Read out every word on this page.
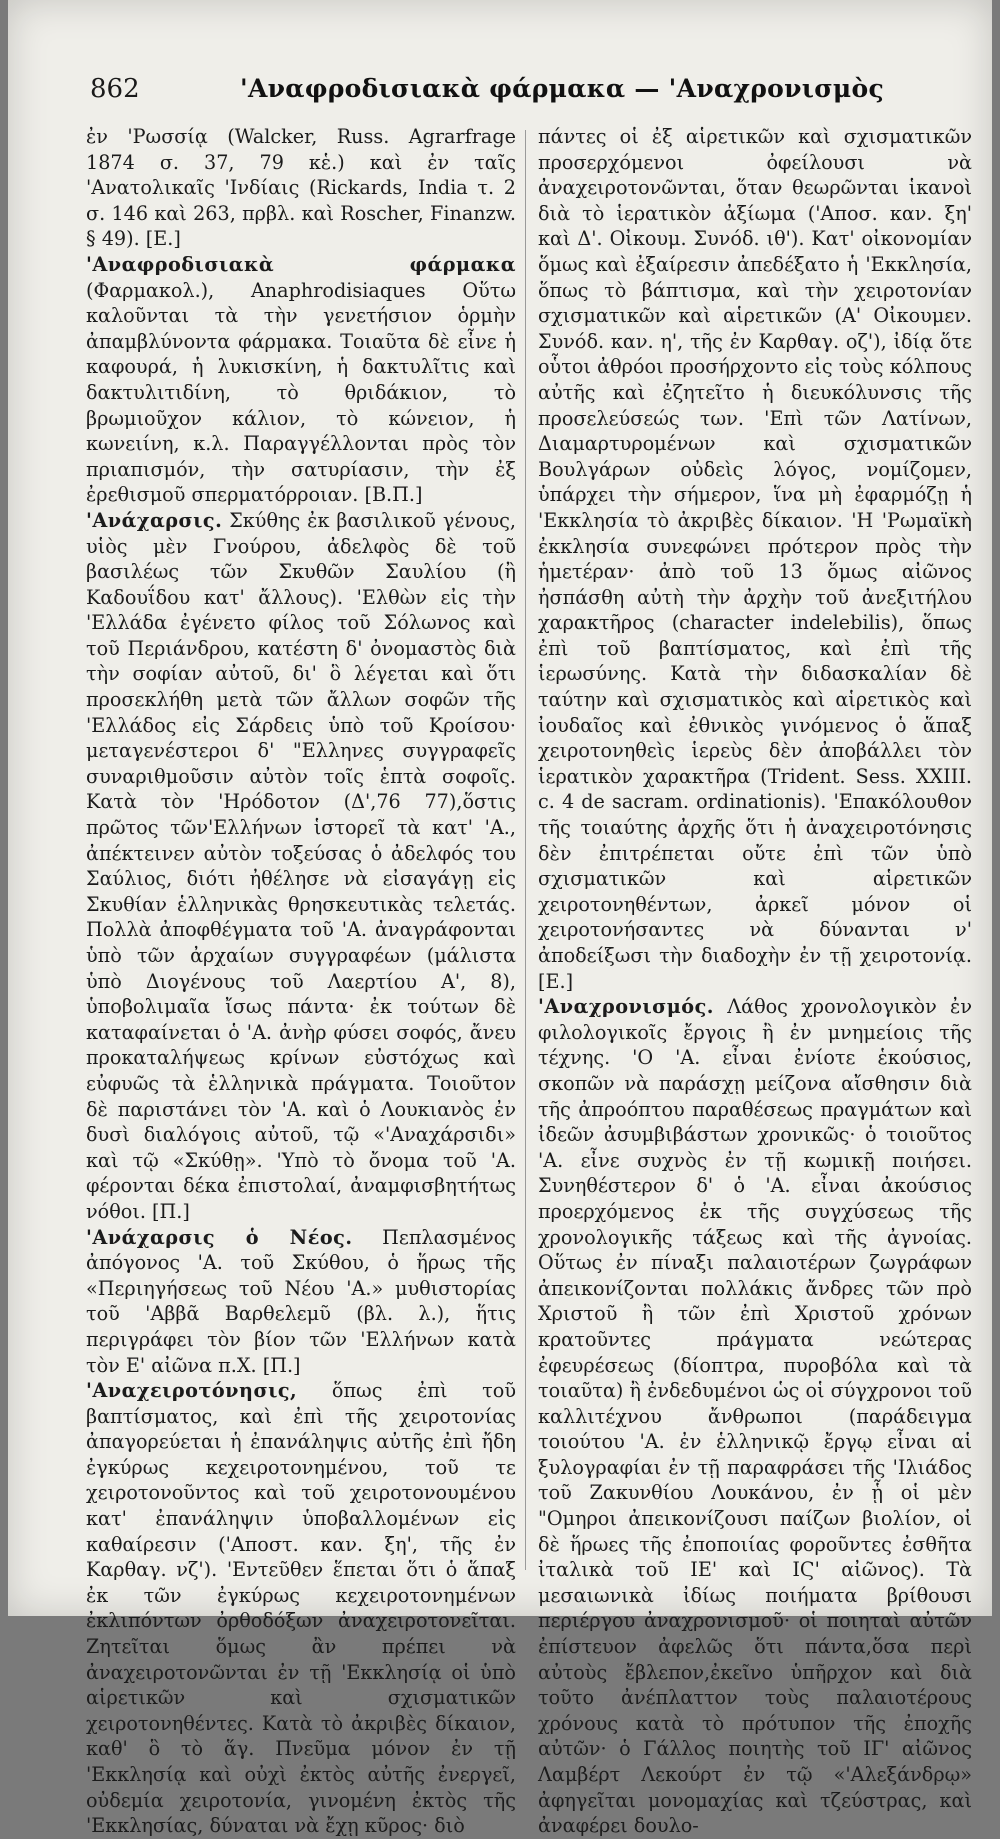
862	'Αναφροδισιακὰ φάρμακα — 'Αναχρονισμὸς

ἐν 'Ρωσσίᾳ (Walcker, Russ. Agrarfrage 1874 σ. 37, 79 κἑ.) καὶ ἐν ταῖς 'Ανατολικαῖς 'Ινδίαις (Rickards, India τ. 2 σ. 146 καὶ 263, πρβλ. καὶ Roscher, Finanzw. § 49). [Ε.]

'Αναφροδισιακὰ φάρμακα (Φαρμακολ.), Anaphrodisiaques Οὕτω καλοῦνται τὰ τὴν γενετήσιον ὁρμὴν ἀπαμβλύνοντα φάρμακα. Τοιαῦτα δὲ εἶνε ἡ καφουρά, ἡ λυκισκίνη, ἡ δακτυλῖτις καὶ δακτυλιτιδίνη, τὸ θριδάκιον, τὸ βρωμιοῦχον κάλιον, τὸ κώνειον, ἡ κωνειίνη, κ.λ. Παραγγέλλονται πρὸς τὸν πριαπισμόν, τὴν σατυρίασιν, τὴν ἐξ ἐρεθισμοῦ σπερματόρροιαν. [Β.Π.]

'Ανάχαρσις. Σκύθης ἐκ βασιλικοῦ γένους, υἱὸς μὲν Γνούρου, ἀδελφὸς δὲ τοῦ βασιλέως τῶν Σκυθῶν Σαυλίου (ἢ Καδουΐδου κατ' ἄλλους). 'Ελθὼν εἰς τὴν 'Ελλάδα ἐγένετο φίλος τοῦ Σόλωνος καὶ τοῦ Περιάνδρου, κατέστη δ' ὀνομαστὸς διὰ τὴν σοφίαν αὐτοῦ, δι' ὃ λέγεται καὶ ὅτι προσεκλήθη μετὰ τῶν ἄλλων σοφῶν τῆς 'Ελλάδος εἰς Σάρδεις ὑπὸ τοῦ Κροίσου· μεταγενέστεροι δ' "Ελληνες συγγραφεῖς συναριθμοῦσιν αὐτὸν τοῖς ἑπτὰ σοφοῖς. Κατὰ τὸν 'Ηρόδοτον (Δ',76 77),ὅστις πρῶτος τῶν'Ελλήνων ἱστορεῖ τὰ κατ' 'Α., ἀπέκτεινεν αὐτὸν τοξεύσας ὁ ἀδελφός του Σαύλιος, διότι ἠθέλησε νὰ εἰσαγάγῃ εἰς Σκυθίαν ἑλληνικὰς θρησκευτικὰς τελετάς. Πολλὰ ἀποφθέγματα τοῦ 'Α. ἀναγράφονται ὑπὸ τῶν ἀρχαίων συγγραφέων (μάλιστα ὑπὸ Διογένους τοῦ Λαερτίου Α', 8), ὑποβολιμαῖα ἴσως πάντα· ἐκ τούτων δὲ καταφαίνεται ὁ 'Α. ἀνὴρ φύσει σοφός, ἄνευ προκαταλήψεως κρίνων εὐστόχως καὶ εὐφυῶς τὰ ἑλληνικὰ πράγματα. Τοιοῦτον δὲ παριστάνει τὸν 'Α. καὶ ὁ Λουκιανὸς ἐν δυσὶ διαλόγοις αὐτοῦ, τῷ «'Αναχάρσιδι» καὶ τῷ «Σκύθῃ». 'Υπὸ τὸ ὄνομα τοῦ 'Α. φέρονται δέκα ἐπιστολαί, ἀναμφισβητήτως νόθοι. [Π.]

'Ανάχαρσις ὁ Νέος. Πεπλασμένος ἀπόγονος 'Α. τοῦ Σκύθου, ὁ ἥρως τῆς «Περιηγήσεως τοῦ Νέου 'Α.» μυθιστορίας τοῦ 'Αββᾶ Βαρθελεμῦ (βλ. λ.), ἥτις περιγράφει τὸν βίον τῶν 'Ελλήνων κατὰ τὸν Ε' αἰῶνα π.Χ. [Π.]

'Αναχειροτόνησις, ὅπως ἐπὶ τοῦ βαπτίσματος, καὶ ἐπὶ τῆς χειροτονίας ἀπαγορεύεται ἡ ἐπανάληψις αὐτῆς ἐπὶ ἤδη ἐγκύρως κεχειροτονημένου, τοῦ τε χειροτονοῦντος καὶ τοῦ χειροτονουμένου κατ' ἐπανάληψιν ὑποβαλλομένων εἰς καθαίρεσιν ('Αποστ. καν. ξη', τῆς ἐν Καρθαγ. νζ'). 'Εντεῦθεν ἕπεται ὅτι ὁ ἅπαξ ἐκ τῶν ἐγκύρως κεχειροτονημένων ἐκλιπόντων ὀρθοδόξων ἀναχειροτονεῖται. Ζητεῖται ὅμως ἂν πρέπει νὰ ἀναχειροτονῶνται ἐν τῇ 'Εκκλησίᾳ οἱ ὑπὸ αἱρετικῶν καὶ σχισματικῶν χειροτονηθέντες. Κατὰ τὸ ἀκριβὲς δίκαιον, καθ' ὃ τὸ ἅγ. Πνεῦμα μόνον ἐν τῇ 'Εκκλησίᾳ καὶ οὐχὶ ἐκτὸς αὐτῆς ἐνεργεῖ, οὐδεμία χειροτονία, γινομένη ἐκτὸς τῆς 'Εκκλησίας, δύναται νὰ ἔχῃ κῦρος· διὸ

πάντες οἱ ἐξ αἱρετικῶν καὶ σχισματικῶν προσερχόμενοι ὀφείλουσι νὰ ἀναχειροτονῶνται, ὅταν θεωρῶνται ἱκανοὶ διὰ τὸ ἱερατικὸν ἀξίωμα ('Αποσ. καν. ξη' καὶ Δ'. Οἰκουμ. Συνόδ. ιθ'). Κατ' οἰκονομίαν ὅμως καὶ ἐξαίρεσιν ἀπεδέξατο ἡ 'Εκκλησία, ὅπως τὸ βάπτισμα, καὶ τὴν χειροτονίαν σχισματικῶν καὶ αἱρετικῶν (Α' Οἰκουμεν. Συνόδ. καν. η', τῆς ἐν Καρθαγ. οζ'), ἰδίᾳ ὅτε οὗτοι ἀθρόοι προσήρχοντο εἰς τοὺς κόλπους αὐτῆς καὶ ἐζητεῖτο ἡ διευκόλυνσις τῆς προσελεύσεώς των. 'Επὶ τῶν Λατίνων, Διαμαρτυρομένων καὶ σχισματικῶν Βουλγάρων οὐδεὶς λόγος, νομίζομεν, ὑπάρχει τὴν σήμερον, ἵνα μὴ ἐφαρμόζῃ ἡ 'Εκκλησία τὸ ἀκριβὲς δίκαιον. 'Η 'Ρωμαϊκὴ ἐκκλησία συνεφώνει πρότερον πρὸς τὴν ἡμετέραν· ἀπὸ τοῦ 13 ὅμως αἰῶνος ἠσπάσθη αὐτὴ τὴν ἀρχὴν τοῦ ἀνεξιτήλου χαρακτῆρος (character indelebilis), ὅπως ἐπὶ τοῦ βαπτίσματος, καὶ ἐπὶ τῆς ἱερωσύνης. Κατὰ τὴν διδασκαλίαν δὲ ταύτην καὶ σχισματικὸς καὶ αἱρετικὸς καὶ ἰουδαῖος καὶ ἐθνικὸς γινόμενος ὁ ἅπαξ χειροτονηθεὶς ἱερεὺς δὲν ἀποβάλλει τὸν ἱερατικὸν χαρακτῆρα (Trident. Sess. XXIII. c. 4 de sacram. ordinationis). 'Επακόλουθον τῆς τοιαύτης ἀρχῆς ὅτι ἡ ἀναχειροτόνησις δὲν ἐπιτρέπεται οὔτε ἐπὶ τῶν ὑπὸ σχισματικῶν καὶ αἱρετικῶν χειροτονηθέντων, ἀρκεῖ μόνον οἱ χειροτονήσαντες νὰ δύνανται ν' ἀποδείξωσι τὴν διαδοχὴν ἐν τῇ χειροτονίᾳ. [Ε.]

'Αναχρονισμός. Λάθος χρονολογικὸν ἐν φιλολογικοῖς ἔργοις ἢ ἐν μνημείοις τῆς τέχνης. 'Ο 'Α. εἶναι ἐνίοτε ἑκούσιος, σκοπῶν νὰ παράσχῃ μείζονα αἴσθησιν διὰ τῆς ἀπροόπτου παραθέσεως πραγμάτων καὶ ἰδεῶν ἀσυμβιβάστων χρονικῶς· ὁ τοιοῦτος 'Α. εἶνε συχνὸς ἐν τῇ κωμικῇ ποιήσει. Συνηθέστερον δ' ὁ 'Α. εἶναι ἀκούσιος προερχόμενος ἐκ τῆς συγχύσεως τῆς χρονολογικῆς τάξεως καὶ τῆς ἀγνοίας. Οὕτως ἐν πίναξι παλαιοτέρων ζωγράφων ἀπεικονίζονται πολλάκις ἄνδρες τῶν πρὸ Χριστοῦ ἢ τῶν ἐπὶ Χριστοῦ χρόνων κρατοῦντες πράγματα νεώτερας ἐφευρέσεως (δίοπτρα, πυροβόλα καὶ τὰ τοιαῦτα) ἢ ἐνδεδυμένοι ὡς οἱ σύγχρονοι τοῦ καλλιτέχνου ἄνθρωποι (παράδειγμα τοιούτου 'Α. ἐν ἑλληνικῷ ἔργῳ εἶναι αἱ ξυλογραφίαι ἐν τῇ παραφράσει τῆς 'Ιλιάδος τοῦ Ζακυνθίου Λουκάνου, ἐν ᾗ οἱ μὲν "Ομηροι ἀπεικονίζουσι παίζων βιολίον, οἱ δὲ ἥρωες τῆς ἐποποιίας φοροῦντες ἐσθῆτα ἰταλικὰ τοῦ ΙΕ' καὶ ΙϚ' αἰῶνος). Τὰ μεσαιωνικὰ ἰδίως ποιήματα βρίθουσι περιέργου ἀναχρονισμοῦ· οἱ ποιηταὶ αὐτῶν ἐπίστευον ἀφελῶς ὅτι πάντα,ὅσα περὶ αὐτοὺς ἔβλεπον,ἐκεῖνο ὑπῆρχον καὶ διὰ τοῦτο ἀνέπλαττον τοὺς παλαιοτέρους χρόνους κατὰ τὸ πρότυπον τῆς ἐποχῆς αὐτῶν· ὁ Γάλλος ποιητὴς τοῦ ΙΓ' αἰῶνος Λαμβέρτ Λεκούρτ ἐν τῷ «'Αλεξάνδρῳ» ἀφηγεῖται μονομαχίας καὶ τζεύστρας, καὶ ἀναφέρει δουλο-
